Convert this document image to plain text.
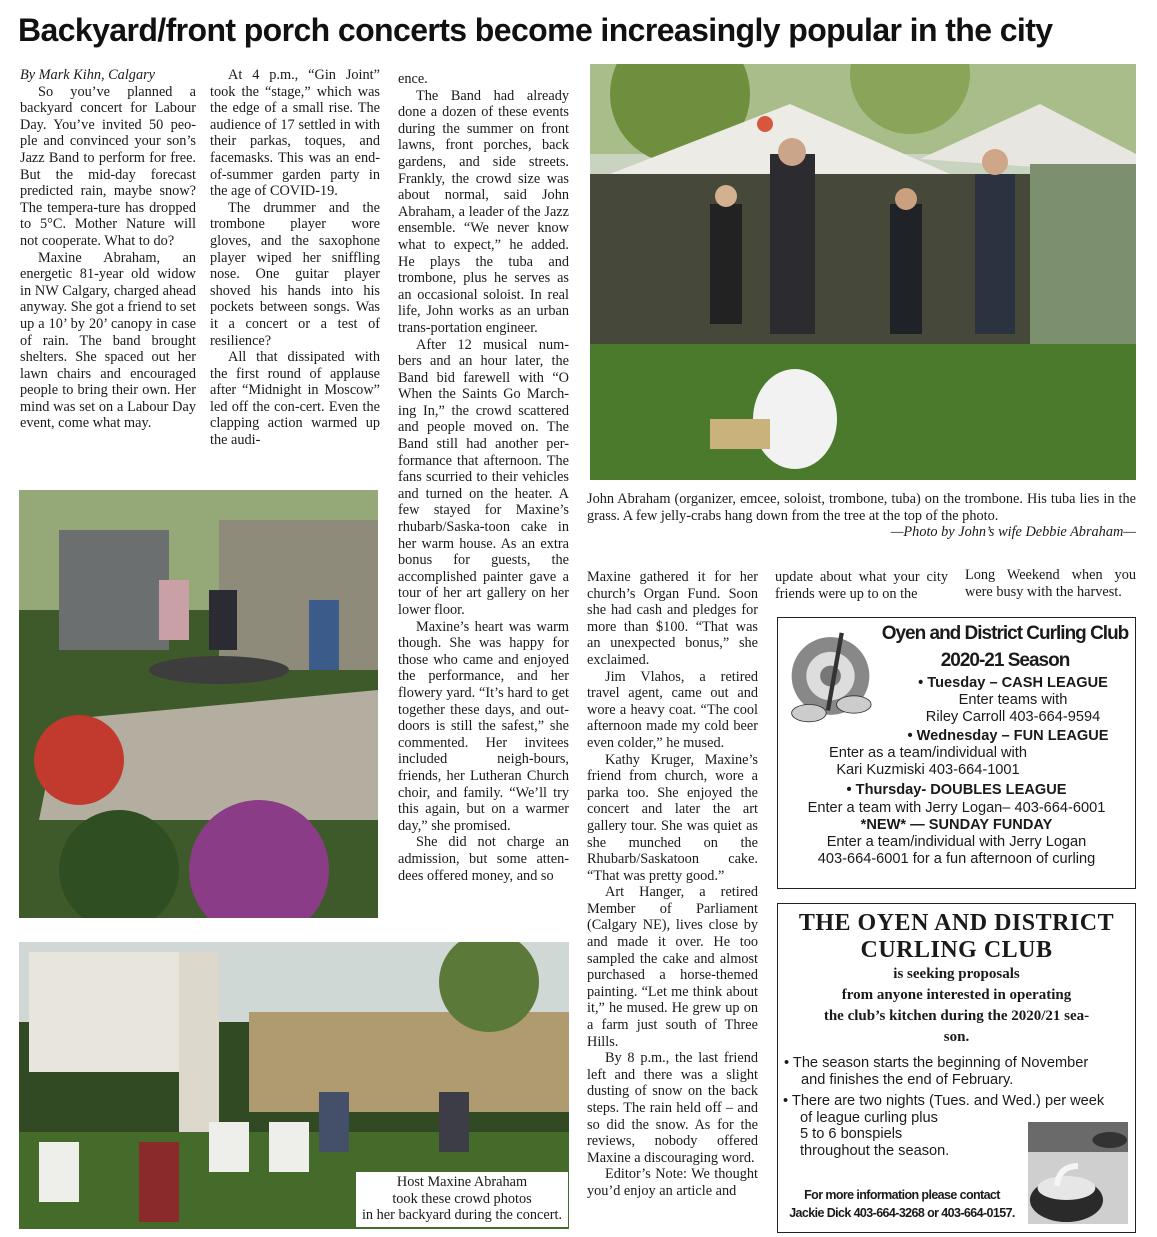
Backyard/front porch concerts become increasingly popular in the city

By Mark Kihn, Calgary

So you’ve planned a backyard concert for Labour Day. You’ve invited 50 peo-ple and convinced your son’s Jazz Band to perform for free. But the mid-day forecast predicted rain, maybe snow? The tempera-ture has dropped to 5°C. Mother Nature will not cooperate. What to do?

Maxine Abraham, an energetic 81-year old widow in NW Calgary, charged ahead anyway. She got a friend to set up a 10’ by 20’ canopy in case of rain. The band brought shelters. She spaced out her lawn chairs and encouraged people to bring their own. Her mind was set on a Labour Day event, come what may.

At 4 p.m., “Gin Joint” took the “stage,” which was the edge of a small rise. The audience of 17 settled in with their parkas, toques, and facemasks. This was an end-of-summer garden party in the age of COVID-19.

The drummer and the trombone player wore gloves, and the saxophone player wiped her sniffling nose. One guitar player shoved his hands into his pockets between songs. Was it a concert or a test of resilience?

All that dissipated with the first round of applause after “Midnight in Moscow” led off the con-cert. Even the clapping action warmed up the audi-

ence.

The Band had already done a dozen of these events during the summer on front lawns, front porches, back gardens, and side streets. Frankly, the crowd size was about normal, said John Abraham, a leader of the Jazz ensemble. “We never know what to expect,” he added. He plays the tuba and trombone, plus he serves as an occasional soloist. In real life, John works as an urban trans-portation engineer.

After 12 musical num-bers and an hour later, the Band bid farewell with “O When the Saints Go March-ing In,” the crowd scattered and people moved on. The Band still had another per-formance that afternoon. The fans scurried to their vehicles and turned on the heater. A few stayed for Maxine’s rhubarb/Saska-toon cake in her warm house. As an extra bonus for guests, the accomplished painter gave a tour of her art gallery on her lower floor.

Maxine’s heart was warm though. She was happy for those who came and enjoyed the performance, and her flowery yard. “It’s hard to get together these days, and out-doors is still the safest,” she commented. Her invitees included neigh-bours, friends, her Lutheran Church choir, and family. “We’ll try this again, but on a warmer day,” she promised.

She did not charge an admission, but some atten-dees offered money, and so

John Abraham (organizer, emcee, soloist, trombone, tuba) on the trombone. His tuba lies in the grass. A few jelly-crabs hang down from the tree at the top of the photo.
—Photo by John’s wife Debbie Abraham—
Host Maxine Abraham
took these crowd photos
in her backyard during the concert.

Maxine gathered it for her church’s Organ Fund. Soon she had cash and pledges for more than $100. “That was an unexpected bonus,” she exclaimed.

Jim Vlahos, a retired travel agent, came out and wore a heavy coat. “The cool afternoon made my cold beer even colder,” he mused.

Kathy Kruger, Maxine’s friend from church, wore a parka too. She enjoyed the concert and later the art gallery tour. She was quiet as she munched on the Rhubarb/Saskatoon cake. “That was pretty good.”

Art Hanger, a retired Member of Parliament (Calgary NE), lives close by and made it over. He too sampled the cake and almost purchased a horse-themed painting. “Let me think about it,” he mused. He grew up on a farm just south of Three Hills.

By 8 p.m., the last friend left and there was a slight dusting of snow on the back steps. The rain held off – and so did the snow. As for the reviews, nobody offered Maxine a discouraging word.

Editor’s Note: We thought you’d enjoy an article and

update about what your city friends were up to on the

Long Weekend when you were busy with the harvest.

Oyen and District Curling Club
2020-21 Season
• Tuesday – CASH LEAGUE
Enter teams with
Riley Carroll 403-664-9594
• Wednesday – FUN LEAGUE
Enter as a team/individual with
Kari Kuzmiski 403-664-1001
• Thursday- DOUBLES LEAGUE
Enter a team with Jerry Logan– 403-664-6001
*NEW* — SUNDAY FUNDAY
Enter a team/individual with Jerry Logan
403-664-6001 for a fun afternoon of curling
THE OYEN AND DISTRICT
CURLING CLUB
is seeking proposals
from anyone interested in operating
the club’s kitchen during the 2020/21 sea-
son.
• The season starts the beginning of November
and finishes the end of February.
• There are two nights (Tues. and Wed.) per week
of league curling plus
5 to 6 bonspiels
throughout the season.
For more information please contact
Jackie Dick 403-664-3268 or 403-664-0157.
